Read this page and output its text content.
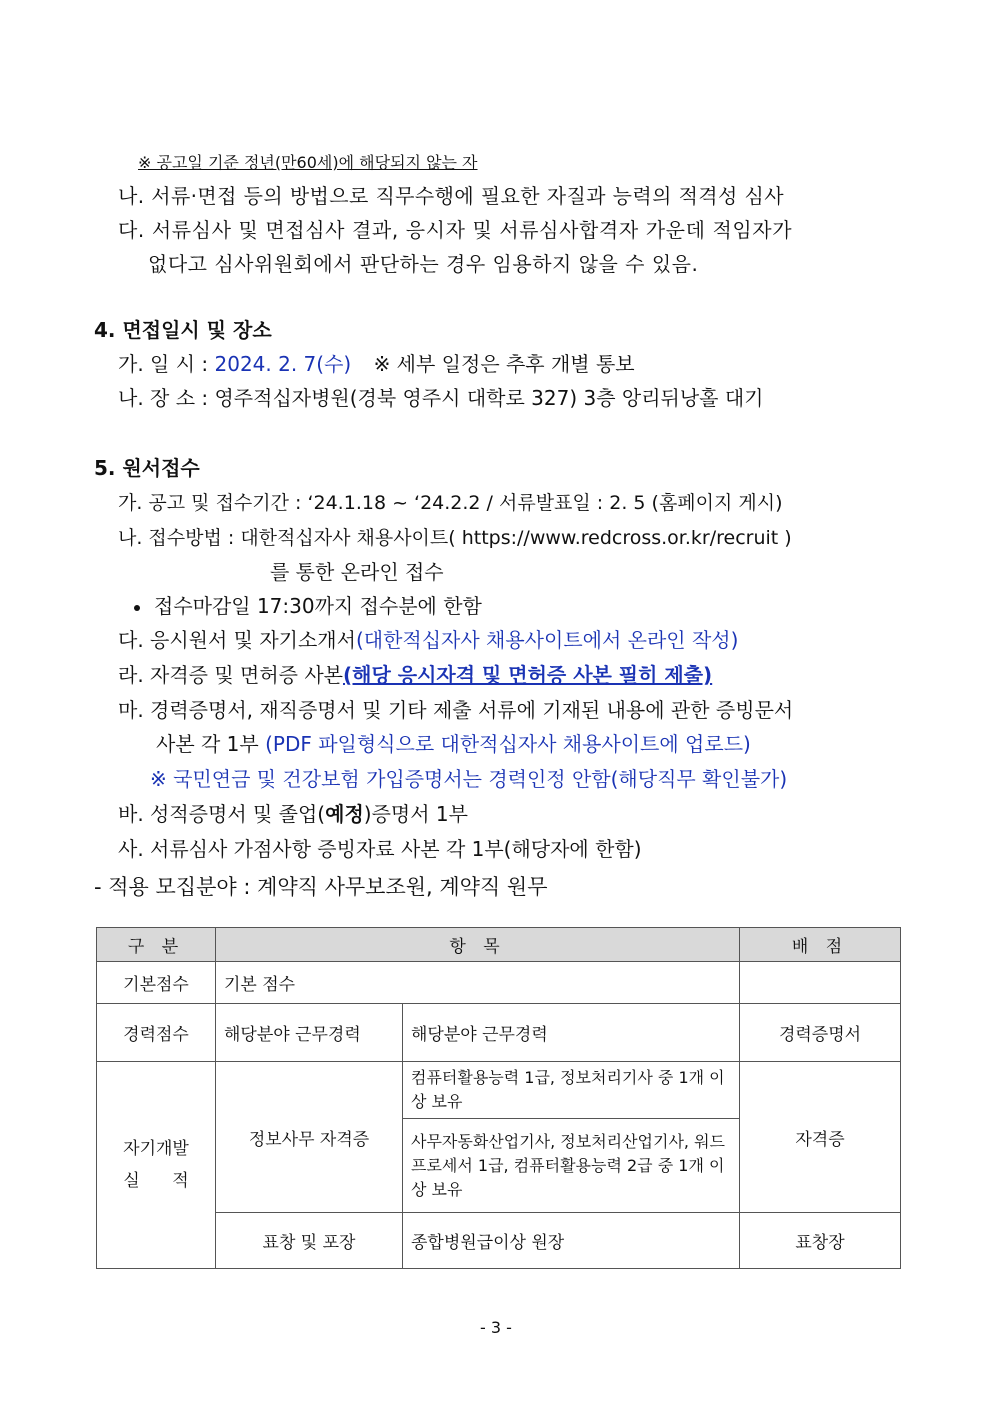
※ 공고일 기준 정년(만60세)에 해당되지 않는 자
나. 서류·면접 등의 방법으로 직무수행에 필요한 자질과 능력의 적격성 심사
다. 서류심사 및 면접심사 결과, 응시자 및 서류심사합격자 가운데 적임자가
없다고 심사위원회에서 판단하는 경우 임용하지 않을 수 있음.
4. 면접일시 및 장소
가. 일 시 : 2024. 2. 7(수) ※ 세부 일정은 추후 개별 통보
나. 장 소 : 영주적십자병원(경북 영주시 대학로 327) 3층 앙리뒤낭홀 대기
5. 원서접수
가. 공고 및 접수기간 : ‘24.1.18 ~ ‘24.2.2 / 서류발표일 : 2. 5 (홈페이지 게시)
나. 접수방법 : 대한적십자사 채용사이트( https://www.redcross.or.kr/recruit )
를 통한 온라인 접수
접수마감일 17:30까지 접수분에 한함
다. 응시원서 및 자기소개서(대한적십자사 채용사이트에서 온라인 작성)
라. 자격증 및 면허증 사본(해당 응시자격 및 면허증 사본 필히 제출)
마. 경력증명서, 재직증명서 및 기타 제출 서류에 기재된 내용에 관한 증빙문서
사본 각 1부 (PDF 파일형식으로 대한적십자사 채용사이트에 업로드)
※ 국민연금 및 건강보험 가입증명서는 경력인정 안함(해당직무 확인불가)
바. 성적증명서 및 졸업(예정)증명서 1부
사. 서류심사 가점사항 증빙자료 사본 각 1부(해당자에 한함)
- 적용 모집분야 : 계약직 사무보조원, 계약직 원무
구 분	항 목		배 점
기본점수	기본 점수		
경력점수	해당분야 근무경력	해당분야 근무경력	경력증명서

자기개발
실      적	정보사무 자격증	컴퓨터활용능력 1급, 정보처리기사 중 1개 이상 보유	자격증
		사무자동화산업기사, 정보처리산업기사, 워드프로세서 1급, 컴퓨터활용능력 2급 중 1개 이상 보유	
	표창 및 포장	종합병원급이상 원장	표창장
- 3 -
